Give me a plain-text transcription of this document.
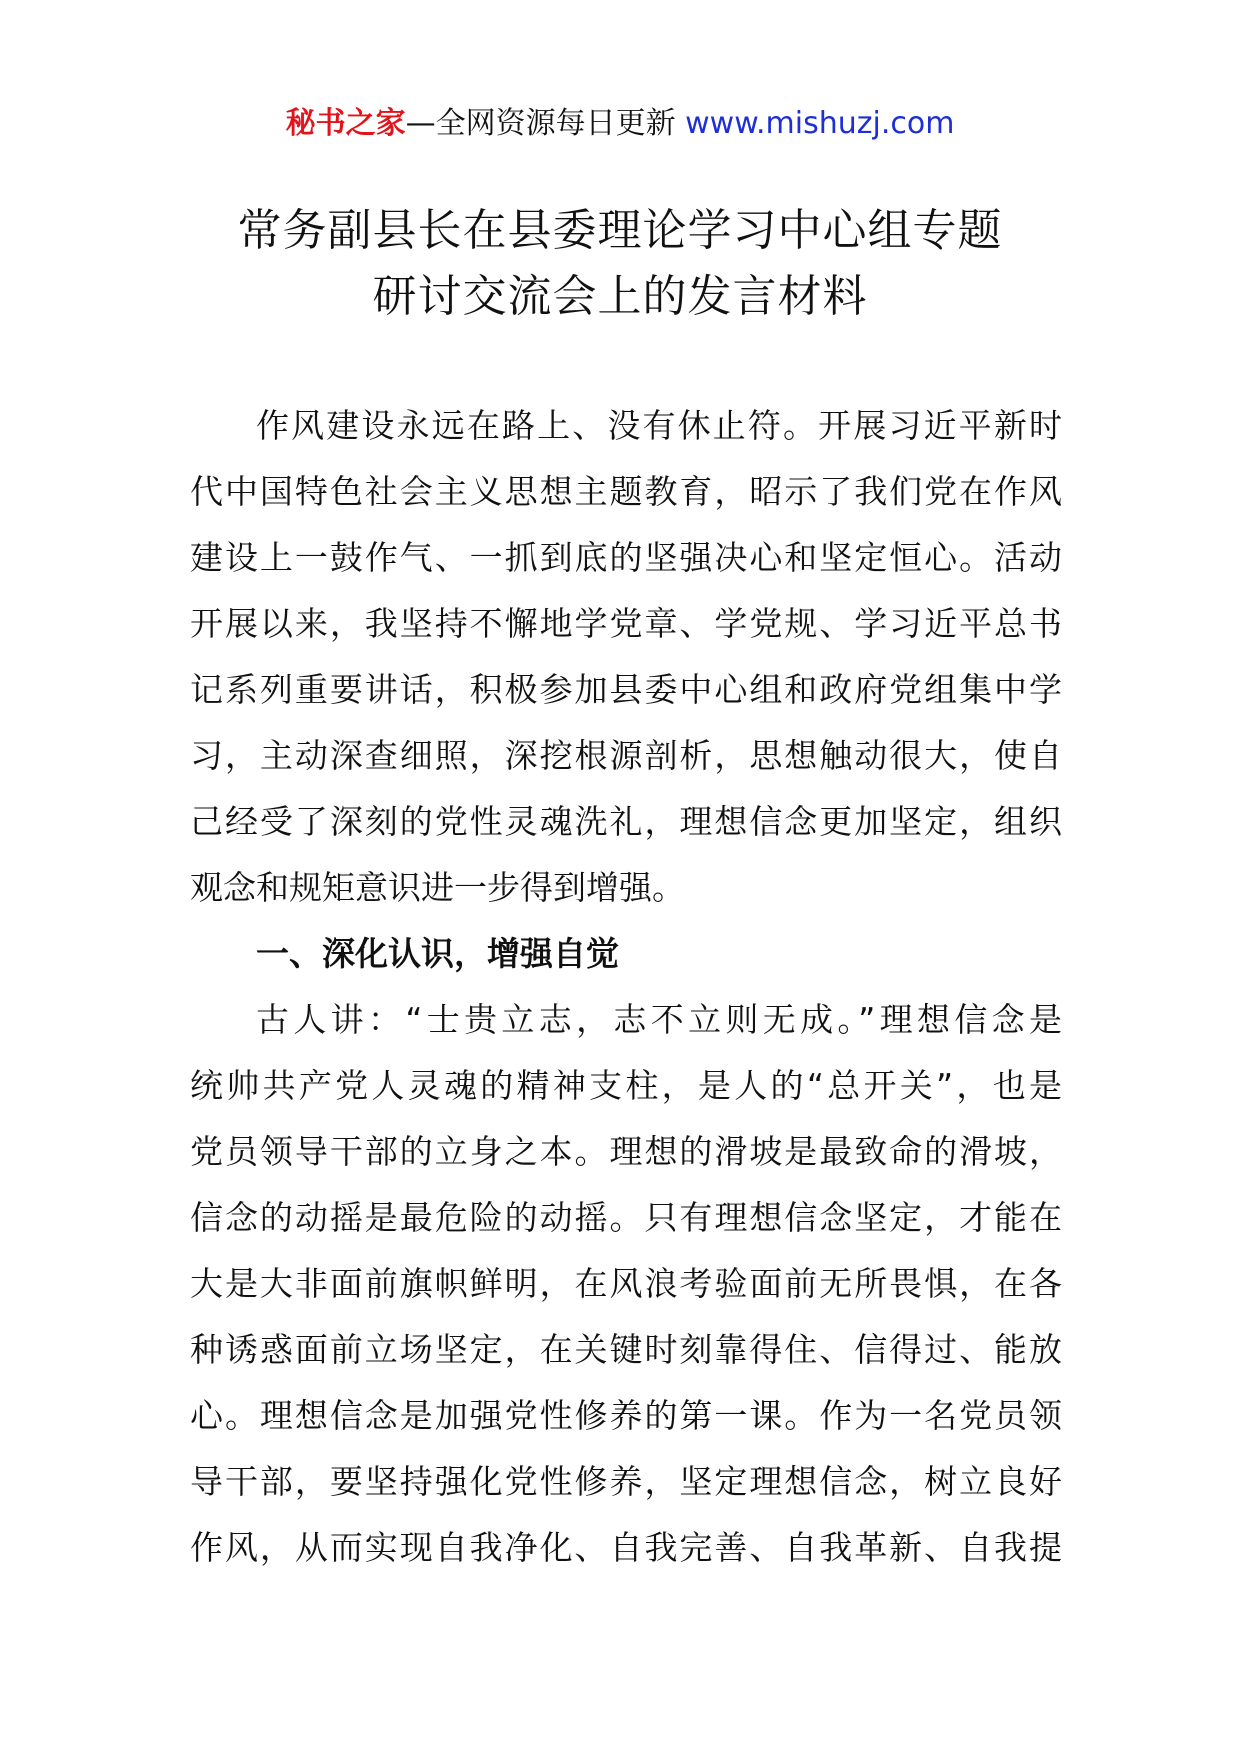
秘书之家—全网资源每日更新 www.mishuzj.com
常务副县长在县委理论学习中心组专题
研讨交流会上的发言材料
作风建设永远在路上、没有休止符。开展习近平新时
代中国特色社会主义思想主题教育，昭示了我们党在作风
建设上一鼓作气、一抓到底的坚强决心和坚定恒心。活动
开展以来，我坚持不懈地学党章、学党规、学习近平总书
记系列重要讲话，积极参加县委中心组和政府党组集中学
习，主动深查细照，深挖根源剖析，思想触动很大，使自
己经受了深刻的党性灵魂洗礼，理想信念更加坚定，组织
观念和规矩意识进一步得到增强。
一、深化认识，增强自觉
古人讲：“士贵立志，志不立则无成。”理想信念是
统帅共产党人灵魂的精神支柱，是人的“总开关”，也是
党员领导干部的立身之本。理想的滑坡是最致命的滑坡，
信念的动摇是最危险的动摇。只有理想信念坚定，才能在
大是大非面前旗帜鲜明，在风浪考验面前无所畏惧，在各
种诱惑面前立场坚定，在关键时刻靠得住、信得过、能放
心。理想信念是加强党性修养的第一课。作为一名党员领
导干部，要坚持强化党性修养，坚定理想信念，树立良好
作风，从而实现自我净化、自我完善、自我革新、自我提
